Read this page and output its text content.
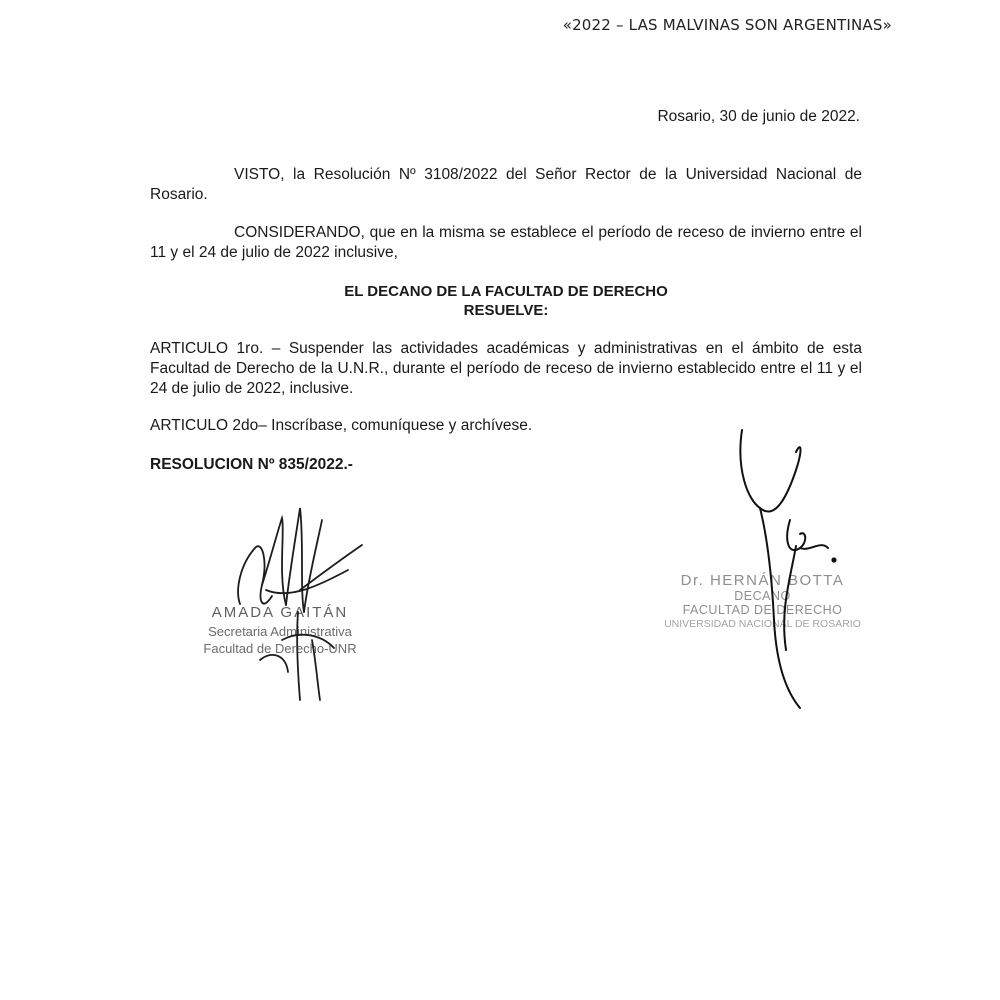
«2022 – LAS MALVINAS SON ARGENTINAS»
Rosario, 30 de junio de 2022.

VISTO, la Resolución Nº 3108/2022 del Señor Rector de la Universidad Nacional de Rosario.

CONSIDERANDO, que en la misma se establece el período de receso de invierno entre el 11 y el 24 de julio de 2022 inclusive,

EL DECANO DE LA FACULTAD DE DERECHO
RESUELVE:

ARTICULO 1ro. – Suspender las actividades académicas y administrativas en el ámbito de esta Facultad de Derecho de la U.N.R., durante el período de receso de invierno establecido entre el 11 y el 24 de julio de 2022, inclusive.

ARTICULO 2do– Inscríbase, comuníquese y archívese.

RESOLUCION Nº 835/2022.-
AMADA GAITÁN
Secretaria Administrativa
Facultad de Derecho-UNR
Dr. HERNÁN BOTTA
DECANO
FACULTAD DE DERECHO
UNIVERSIDAD NACIONAL DE ROSARIO
